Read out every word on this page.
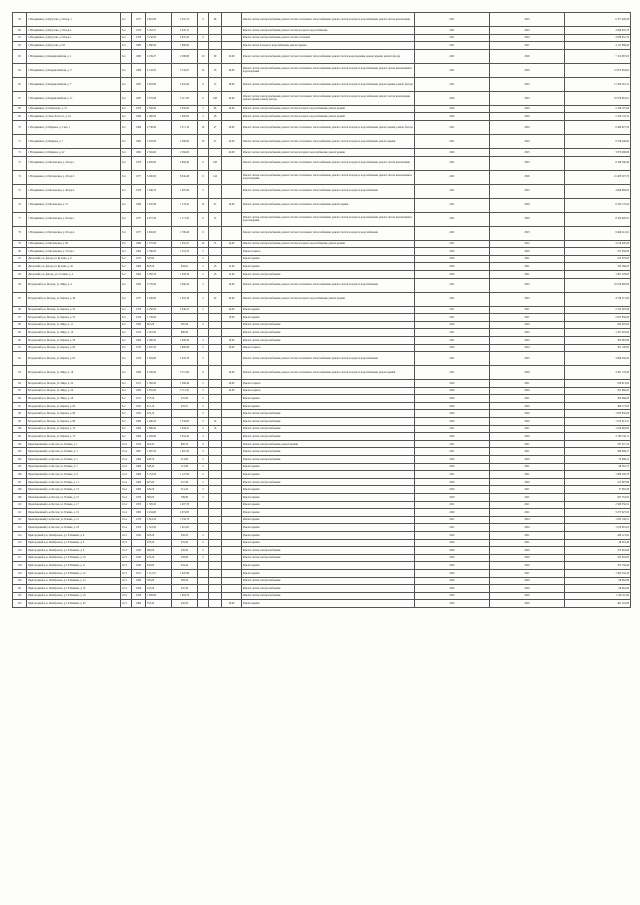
59	г. Владикавказ, ул.Кутузова, д. 82 кор. 1	6-4	1977	2 801,80	2 510,74	9	48		Ремонт систем электроснабжения, ремонт систем отопления и теплоснабжения, ремонт систем холодного водоснабжения, ремонт систем канализации	2021	2025	6 377 026,28
60	г. Владикавказ, ул.Кутузова, д. 83 кор.4	6-4	1979	3 102,57	2 520,15				Ремонт систем электроснабжения, ремонт систем холодного водоснабжения	2021	2023	4 839 655,76
61	г. Владикавказ, ул.Кутузова, д. 83 кор.1	6-4	1978	3 150,95	2 970,20	9			Ремонт систем электроснабжения, ремонт систем отопления	2021	2024	4 839 655,76
62	г. Владикавказ, ул.Кутузова, д. 83	6-4	1980	1 890,90	1 890,90				Ремонт систем холодного водоснабжения, ремонт крыши	2021	2021	4 131 888,90
63	г. Владикавказ, ул.Кырджалийская, д. 1	6-4	1980	2 159,27	2 308,88	10	39	20,00	Ремонт систем электроснабжения, ремонт систем отопления и теплоснабжения, ремонт систем водоотведения, ремонт крыши, ремонт фасада	2021	2026	7 152 867,63
64	г. Владикавказ, ул.Кырджалийская, д. 3	6-4	1986	4 143,55	3 742,97	10	76	40,00	Ремонт систем электроснабжения, ремонт систем отопления и теплоснабжения, ремонт систем холодного водоснабжения, ремонт систем канализации и водоотведения	2021	2026	12 875 994,82
65	г. Владикавказ, ул.Кырджалийская, д. 7	6-4	1987	3 823,90	3 441,99	9	72	36,00	Ремонт систем электроснабжения, ремонт систем отопления и теплоснабжения, ремонт систем холодного водоснабжения, ремонт крыши, ремонт фасада	2021	2025	11 456 591,12
67	г. Владикавказ, ул.Кырджалийская, д. 11	6-4	1987	5 575,08	5 117,28	9	108	20,00	Ремонт систем электроснабжения, ремонт систем отопления и теплоснабжения, ремонт систем холодного водоснабжения, ремонт систем канализации, ремонт крыши, ремонт фасада	2020	2023	16 079 981,61
68	г. Владикавказ, ул.Ларионова, д. 15	6-4	1978	2 356,90	2 356,90	5	66	20,00	Ремонт систем электроснабжения, ремонт систем холодного водоснабжения, ремонт крыши	2020	2020	2 328 197,06
69	г. Владикавказ, ул.Льва Толстого, д. 54	6-4	1989	1 000,00	1 000,00	5	28		Ремонт систем электроснабжения, ремонт систем холодного водоснабжения, ремонт крыши	2020	2020	2 109 176,32
70	г. Владикавказ, ул.Маркова, д. 3 кор. 1	6-4	1986	2 736,90	2 571,10	10	47	20,00	Ремонт систем электроснабжения, ремонт систем отопления и теплоснабжения, ремонт систем холодного водоснабжения, ремонт крыши, ремонт фасада	2021	2024	6 499 827,50
71	г. Владикавказ, ул.Маркова, д. 7	6-4	1982	2 593,90	2 590,90	10	47	20,00	Ремонт систем электроснабжения, ремонт систем отопления и теплоснабжения, ремонт систем холодного водоснабжения, ремонт крыши	2021	2024	9 558 446,00
72	г. Владикавказ, ул.Маркова, д. 22	6-4	1982	2 594,00	2 594,00			40,00	Ремонт систем электроснабжения, ремонт систем холодного водоснабжения, ремонт крыши	2020	2025	3 673 096,80
73	г. Владикавказ, ул.Московская, д. 43 кор.1	6-4	1978	4 485,00	2 994,40	9	108		Ремонт систем электроснабжения, ремонт систем отопления и теплоснабжения, ремонт систем холодного водоснабжения, ремонт систем канализации	2021	2024	8 349 306,48
74	г. Владикавказ, ул.Московская, д. 43 кор.3	6-4	1977	8 180,00	8 042,48	9	144		Ремонт систем электроснабжения, ремонт систем отопления и теплоснабжения, ремонт систем холодного водоснабжения, ремонт систем канализации и водоотведения	2021	2026	21 483 307,76
75	г. Владикавказ, ул.Московская, д. 46 кор.2	6-4	1978	1 846,70	1 497,69	5			Ремонт систем электроснабжения, ремонт систем отопления и теплоснабжения, ремонт систем холодного водоснабжения	2021	2023	4 069 669,62
76	г. Владикавказ, ул.Московская, д. 51	6-4	1989	1 847,80	1 179,24	12	47	20,00	Ремонт систем электроснабжения, ремонт систем отопления и теплоснабжения, ремонт крыши	2021	2026	6 545 179,24
77	г. Владикавказ, ул.Московская, д. 62 кор.1	6-4	1977	4 977,50	1 171,20	9	72		Ремонт систем электроснабжения, ремонт систем отопления и теплоснабжения, ремонт систем холодного водоснабжения, ремонт систем канализации и водоотведения	2021	2026	8 354 820,91
78	г. Владикавказ, ул.Московская, д. 62 кор.4	6-4	1977	2 902,00	1 709,49	9			Ремонт систем электроснабжения, ремонт систем отопления и теплоснабжения, ремонт систем холодного водоснабжения	2021	2023	9 946 412,91
79	г. Владикавказ, ул.Московская, д. 68	6-4	1980	1 375,90	1 055,47	10	72	24,00	Ремонт систем электроснабжения, ремонт систем холодного водоснабжения, ремонт крыши	2021	2022	3 219 920,28
80	г. Владикавказ, ул.Московская, д. 70 кор.1	6-4	1984	1 786,00	1 553,70	5			Ремонт подвала	2020	2020	257 956,00
81	Дигорский р-н, Дигора,ул. Бутаева, д. 6	6-2	1973	545,90		2			Ремонт крыши	2020	2021	915 879,00
82	Дигорский р-н, Дигора,ул. Бутаева, д. 32	6-2	1966	863,50	844,91	2	16	12,00	Ремонт крыши	2020	2021	335 369,00
83	Дигорский р-н, Дигора, ул. Сталина, д. 4	6-2	1962	1 058,78	1 058,78	2	16	12,00	Ремонт систем электроснабжения	2020	2021	1 807 229,63
84	Моздокский р-н, Моздок, ул. Мира, д. 4	6-4	1982	3 776,20	3 266,20	5		20,00	Ремонт систем электроснабжения, ремонт систем отопления и теплоснабжения, ремонт систем холодного водоснабжения	2021	2023	10 019 885,66
85	Моздокский р-н, Моздок, ул. Кирова, д. 48	6-4	1977	2 220,00	1 916,18	5	40	20,00	Ремонт систем электроснабжения, ремонт систем холодного водоснабжения, ремонт крыши	2021	2024	4 739 271,00
86	Моздокский р-н, Моздок, ул. Кирова, д. 50	6-4	1978	2 250,00	2 040,25	5		24,00	Ремонт крыши	2021	2021	2 232 093,06
87	Моздокский р-н, Моздок, ул. Кирова, д. 52	6-4	1976	1 745,60				18,00	Ремонт крыши	2021	2021	2 657 856,00
88	Моздокский р-н, Моздок, ул. Мира, д. 11	6-4	1983	610,00	565,56	2			Ремонт систем электроснабжения	2020	2020	843 805,00
89	Моздокский р-н, Моздок, ул. Мира, д. 14	6-4	1974	1 001,85	888,40				Ремонт систем электроснабжения	2021	2024	1 227 405,00
90	Моздокский р-н, Моздок, ул. Кирова, д. 58	6-4	1966	2 286,50	2 286,30	3		18,00	Ремонт систем электроснабжения	2021	2024	305 667,80
91	Моздокский р-н, Моздок, ул. Кирова, д. 60	6-4	1970	2 947,50	2 800,98	5		20,00	Ремонт подвала	2020	2024	301 128,00
92	Моздокский р-н, Моздок, ул. Кирова, д. 62	6-4	1979	1 904,80	1 632,78	5			Ремонт систем электроснабжения, ремонт систем отопления и теплоснабжения, ремонт систем холодного водоснабжения	2021	2025	3 999 450,26
93	Моздокский р-н, Моздок, ул. Мира, д. 18	6-4	1980	4 706,20	3 715,94	9		20,00	Ремонт систем электроснабжения, ремонт систем отопления и теплоснабжения, ремонт систем холодного водоснабжения, ремонт крыши	2021	2026	4 301 178,48
94	Моздокский р-н, Моздок, ул. Мира, д. 22	6-4	1971	1 392,60	1 366,46	5		20,00	Ремонт подвала	2020	2021	258 813,00
95	Моздокский р-н, Моздок, ул. Мира, д. 24	6-4	1982	4 052,60	3 711,35	5		20,00	Ремонт подвала	2020	2020	501 882,00
96	Моздокский р-н, Моздок, ул. Мира, д. 26	6-2	1971	257,50	255,09	2			Ремонт крыши	2020	2021	362 968,00
97	Моздокский р-н, Моздок, ул. Кирова, д. 64	6-2	1955	451,10	479,51	2			Ремонт крыши	2020	2020	468 172,00
98	Моздокский р-н, Моздок, ул. Кирова, д. 66	6-2	1955	476,10		2			Ремонт систем электроснабжения	2020	2020	1 033 650,00
99	Моздокский р-н, Моздок, ул. Кирова, д. 68	6-2	1969	1 486,20	1 334,83	2	12		Ремонт систем электроснабжения	2020	2020	1 013 613,31
100	Моздокский р-н, Моздок, ул. Кирова, д. 70	6-2	1969	1 889,20	1 634,31	2	16		Ремонт систем электроснабжения	2021	2021	1 034 893,00
101	Моздокский р-н, Моздок, ул. Кирова, д. 72	6-2	1966	2 459,60	2 352,42	3			Ремонт систем электроснабжения	2020	2020	2 780 156,11
102	Правобережный р-н, Беслан, ул. Плиева, д. 1	10-4	1979	924,35	892,70	4			Ремонт систем электроснабжения, ремонт крыши	2021	2021	767 327,10
103	Правобережный р-н, Беслан, ул. Плиева, д. 3	10-4	1967	1 097,50	1 097,50	4			Ремонт систем электроснабжения	2021	2021	569 809,27
104	Правобережный р-н, Беслан, ул. Плиева, д. 5	10-4	1966	448,70	413,80	2			Ремонт систем электроснабжения	2020	2020	53 986,21
105	Правобережный р-н, Беслан, ул. Плиева, д. 7	10-4	1966	508,40	511,88	2			Ремонт крыши	2020	2021	98 381,75
106	Правобережный р-н, Беслан, ул. Плиева, д. 9	10-4	1966	1 154,50	1 127,90	4			Ремонт крыши	2021	2021	1 080 209,76
107	Правобережный р-н, Беслан, ул. Плиева, д. 11	10-4	1966	467,60	431,36	2			Ремонт систем электроснабжения	2020	2020	417 997,68
108	Правобережный р-н, Беслан, ул. Плиева, д. 13	10-4	1968	329,20	311,20	2			Ремонт крыши	2020	2021	37 963,28
109	Правобережный р-н, Беслан, ул. Плиева, д. 15	10-4	1976	800,00	796,80	2			Ремонт крыши	2020	2021	837 553,02
110	Правобережный р-н, Беслан, ул. Плиева, д. 17	10-4	1976	1 505,00	1 407,79				Ремонт крыши	2021	2021	2 568 550,91
111	Правобережный р-н, Беслан, ул. Плиева, д. 19	10-4	1980	2 434,80	2 074,85				Ремонт крыши	2020	2021	3 257 827,00
112	Правобережный р-н, Беслан, ул. Плиева, д. 21	10-4	1978	1 814,50	1 550,79				Ремонт крыши	2021	2024	1 635 746,51
113	Правобережный р-н, Беслан, ул. Плиева, д. 23	10-4	1976	1 512,00	1 412,03				Ремонт крыши	2021	2024	1 678 081,03
114	Пригородный р-н, Октябрьское, ул. Р. Бакиева, д. 6	10-3	1932	293,20	258,23	2			Ремонт крыши	2020	2021	286 121,82
115	Пригородный р-н, Октябрьское, ул. Р. Бакиева, д. 8	10-3		278,20	278,20	2			Ремонт крыши	2020	2021	46 018,46
116	Пригородный р-н, Октябрьское, ул. Р. Бакиева, д. 9	10-3	1943	260,00	258,20	2			Ремонт систем электроснабжения	2020	2020	375 616,00
117	Пригородный р-н, Октябрьское, ул. Р. Бакиева, д. 10	10-3	1943	270,20	258,08	2			Ремонт систем электроснабжения	2020	2020	323 643,00
118	Пригородный р-н, Октябрьское, ул. Р. Бакиева, д. 11	10-3	1943	459,60	434,44				Ремонт крыши	2020	2020	475 159,94
119	Пригородный р-н, Октябрьское, ул. Р. Бакиева, д. 12	10-3	1971	1 112,27	1 025,86				Ремонт крыши	2020	2021	1 363 342,16
120	Пригородный р-н, Октябрьское, ул. Р. Бакиева, д. 14	10-3	1980	395,80	384,56				Ремонт систем электроснабжения	2020	2020	69 662,96
121	Пригородный р-н, Октябрьское, ул. Р. Бакиева, д. 16	10-3	1958	247,20	247,20				Ремонт систем электроснабжения	2020	2020	66 662,96
122	Пригородный р-н, Октябрьское, ул. Р. Бакиева, д. 18	10-3	1958	1 858,90	1 804,79				Ремонт систем электроснабжения	2020	2020	1 129 110,60
123	Пригородный р-н, Октябрьское, ул. Р. Бакиева, д. 20	10-3	1969	353,40	450,00			20,00	Ремонт крыши	2020	2020	461 322,00
